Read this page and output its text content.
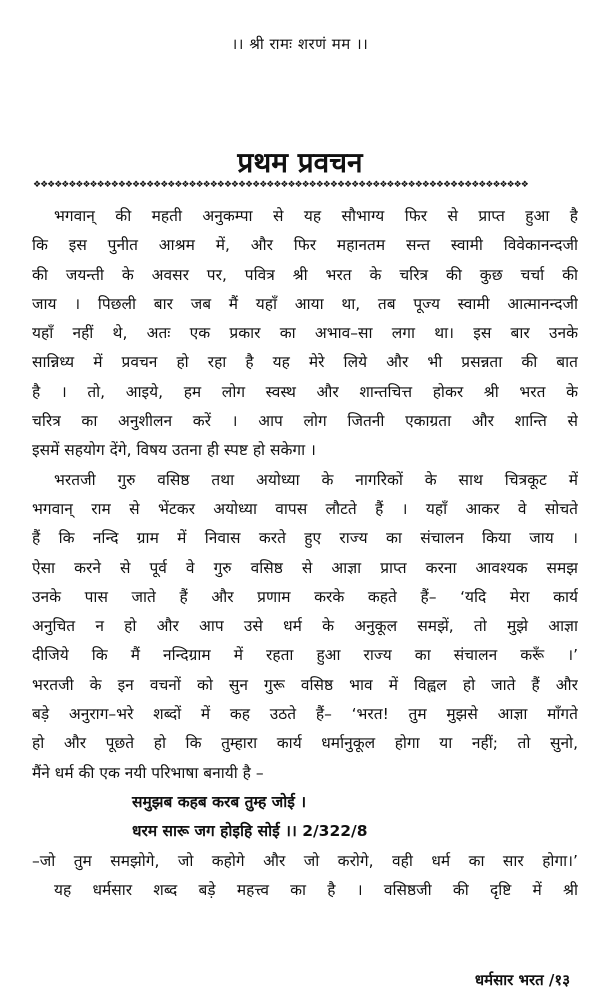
।। श्री रामः शरणं मम ।।
प्रथम प्रवचन
❖❖❖❖❖❖❖❖❖❖❖❖❖❖❖❖❖❖❖❖❖❖❖❖❖❖❖❖❖❖❖❖❖❖❖❖❖❖❖❖❖❖❖❖❖❖❖❖❖❖❖❖❖❖❖❖❖❖❖❖❖❖❖❖❖❖❖❖❖❖
भगवान् की महती अनुकम्पा से यह सौभाग्य फिर से प्राप्त हुआ है
कि इस पुनीत आश्रम में, और फिर महानतम सन्त स्वामी विवेकानन्दजी
की जयन्ती के अवसर पर, पवित्र श्री भरत के चरित्र की कुछ चर्चा की
जाय । पिछली बार जब मैं यहाँ आया था, तब पूज्य स्वामी आत्मानन्दजी
यहाँ नहीं थे, अतः एक प्रकार का अभाव–सा लगा था। इस बार उनके
सान्निध्य में प्रवचन हो रहा है यह मेरे लिये और भी प्रसन्नता की बात
है । तो, आइये, हम लोग स्वस्थ और शान्तचित्त होकर श्री भरत के
चरित्र का अनुशीलन करें । आप लोग जितनी एकाग्रता और शान्ति से
इसमें सहयोग देंगे, विषय उतना ही स्पष्ट हो सकेगा ।
भरतजी गुरु वसिष्ठ तथा अयोध्या के नागरिकों के साथ चित्रकूट में
भगवान् राम से भेंटकर अयोध्या वापस लौटते हैं । यहाँ आकर वे सोचते
हैं कि नन्दि ग्राम में निवास करते हुए राज्य का संचालन किया जाय ।
ऐसा करने से पूर्व वे गुरु वसिष्ठ से आज्ञा प्राप्त करना आवश्यक समझ
उनके पास जाते हैं और प्रणाम करके कहते हैं– ‘यदि मेरा कार्य
अनुचित न हो और आप उसे धर्म के अनुकूल समझें, तो मुझे आज्ञा
दीजिये कि मैं नन्दिग्राम में रहता हुआ राज्य का संचालन करूँ ।’
भरतजी के इन वचनों को सुन गुरू वसिष्ठ भाव में विह्वल हो जाते हैं और
बड़े अनुराग–भरे शब्दों में कह उठते हैं– ‘भरत! तुम मुझसे आज्ञा माँगते
हो और पूछते हो कि तुम्हारा कार्य धर्मानुकूल होगा या नहीं; तो सुनो,
मैंने धर्म की एक नयी परिभाषा बनायी है –
समुझब कहब करब तुम्ह जोई ।
धरम सारू जग होइहि सोई ।। 2/322/8
–जो तुम समझोगे, जो कहोगे और जो करोगे, वही धर्म का सार होगा।’
यह धर्मसार शब्द बड़े महत्त्व का है । वसिष्ठजी की दृष्टि में श्री
धर्मसार भरत /१३
